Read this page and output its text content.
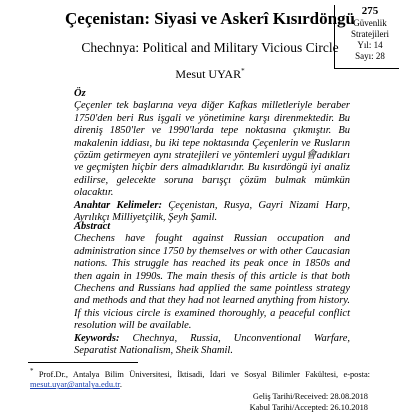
275
Güvenlik
Stratejileri
Yıl: 14
Sayı: 28
Çeçenistan: Siyasi ve Askerî Kısırdöngü
Chechnya: Political and Military Vicious Circle
Mesut UYAR*
Öz

Çeçenler tek başlarına veya diğer Kafkas milletleriyle beraber 1750'den beri Rus işgali ve yönetimine karşı direnmektedir. Bu direniş 1850'ler ve 1990'larda tepe noktasına çıkmıştır. Bu makalenin iddiası, bu iki tepe noktasında Çeçenlerin ve Rusların çözüm getirmeyen aynı stratejileri ve yöntemleri uygul會adıkları ve geçmişten hiçbir ders almadıklarıdır. Bu kısırdöngü iyi analiz edilirse, gelecekte soruna barışçı çözüm bulmak mümkün olacaktır.

Anahtar Kelimeler: Çeçenistan, Rusya, Gayri Nizami Harp, Ayrılıkçı Milliyetçilik, Şeyh Şamil.

Abstract

Chechens have fought against Russian occupation and administration since 1750 by themselves or with other Caucasian nations. This struggle has reached its peak once in 1850s and then again in 1990s. The main thesis of this article is that both Chechens and Russians had applied the same pointless strategy and methods and that they had not learned anything from history. If this vicious circle is examined thoroughly, a peaceful conflict resolution will be available.

Keywords: Chechnya, Russia, Unconventional Warfare, Separatist Nationalism, Sheik Shamil.

* Prof.Dr., Antalya Bilim Üniversitesi, İktisadi, İdari ve Sosyal Bilimler Fakültesi, e-posta: mesut.uyar@antalya.edu.tr.
Geliş Tarihi/Received: 28.08.2018
Kabul Tarihi/Accepted: 26.10.2018
